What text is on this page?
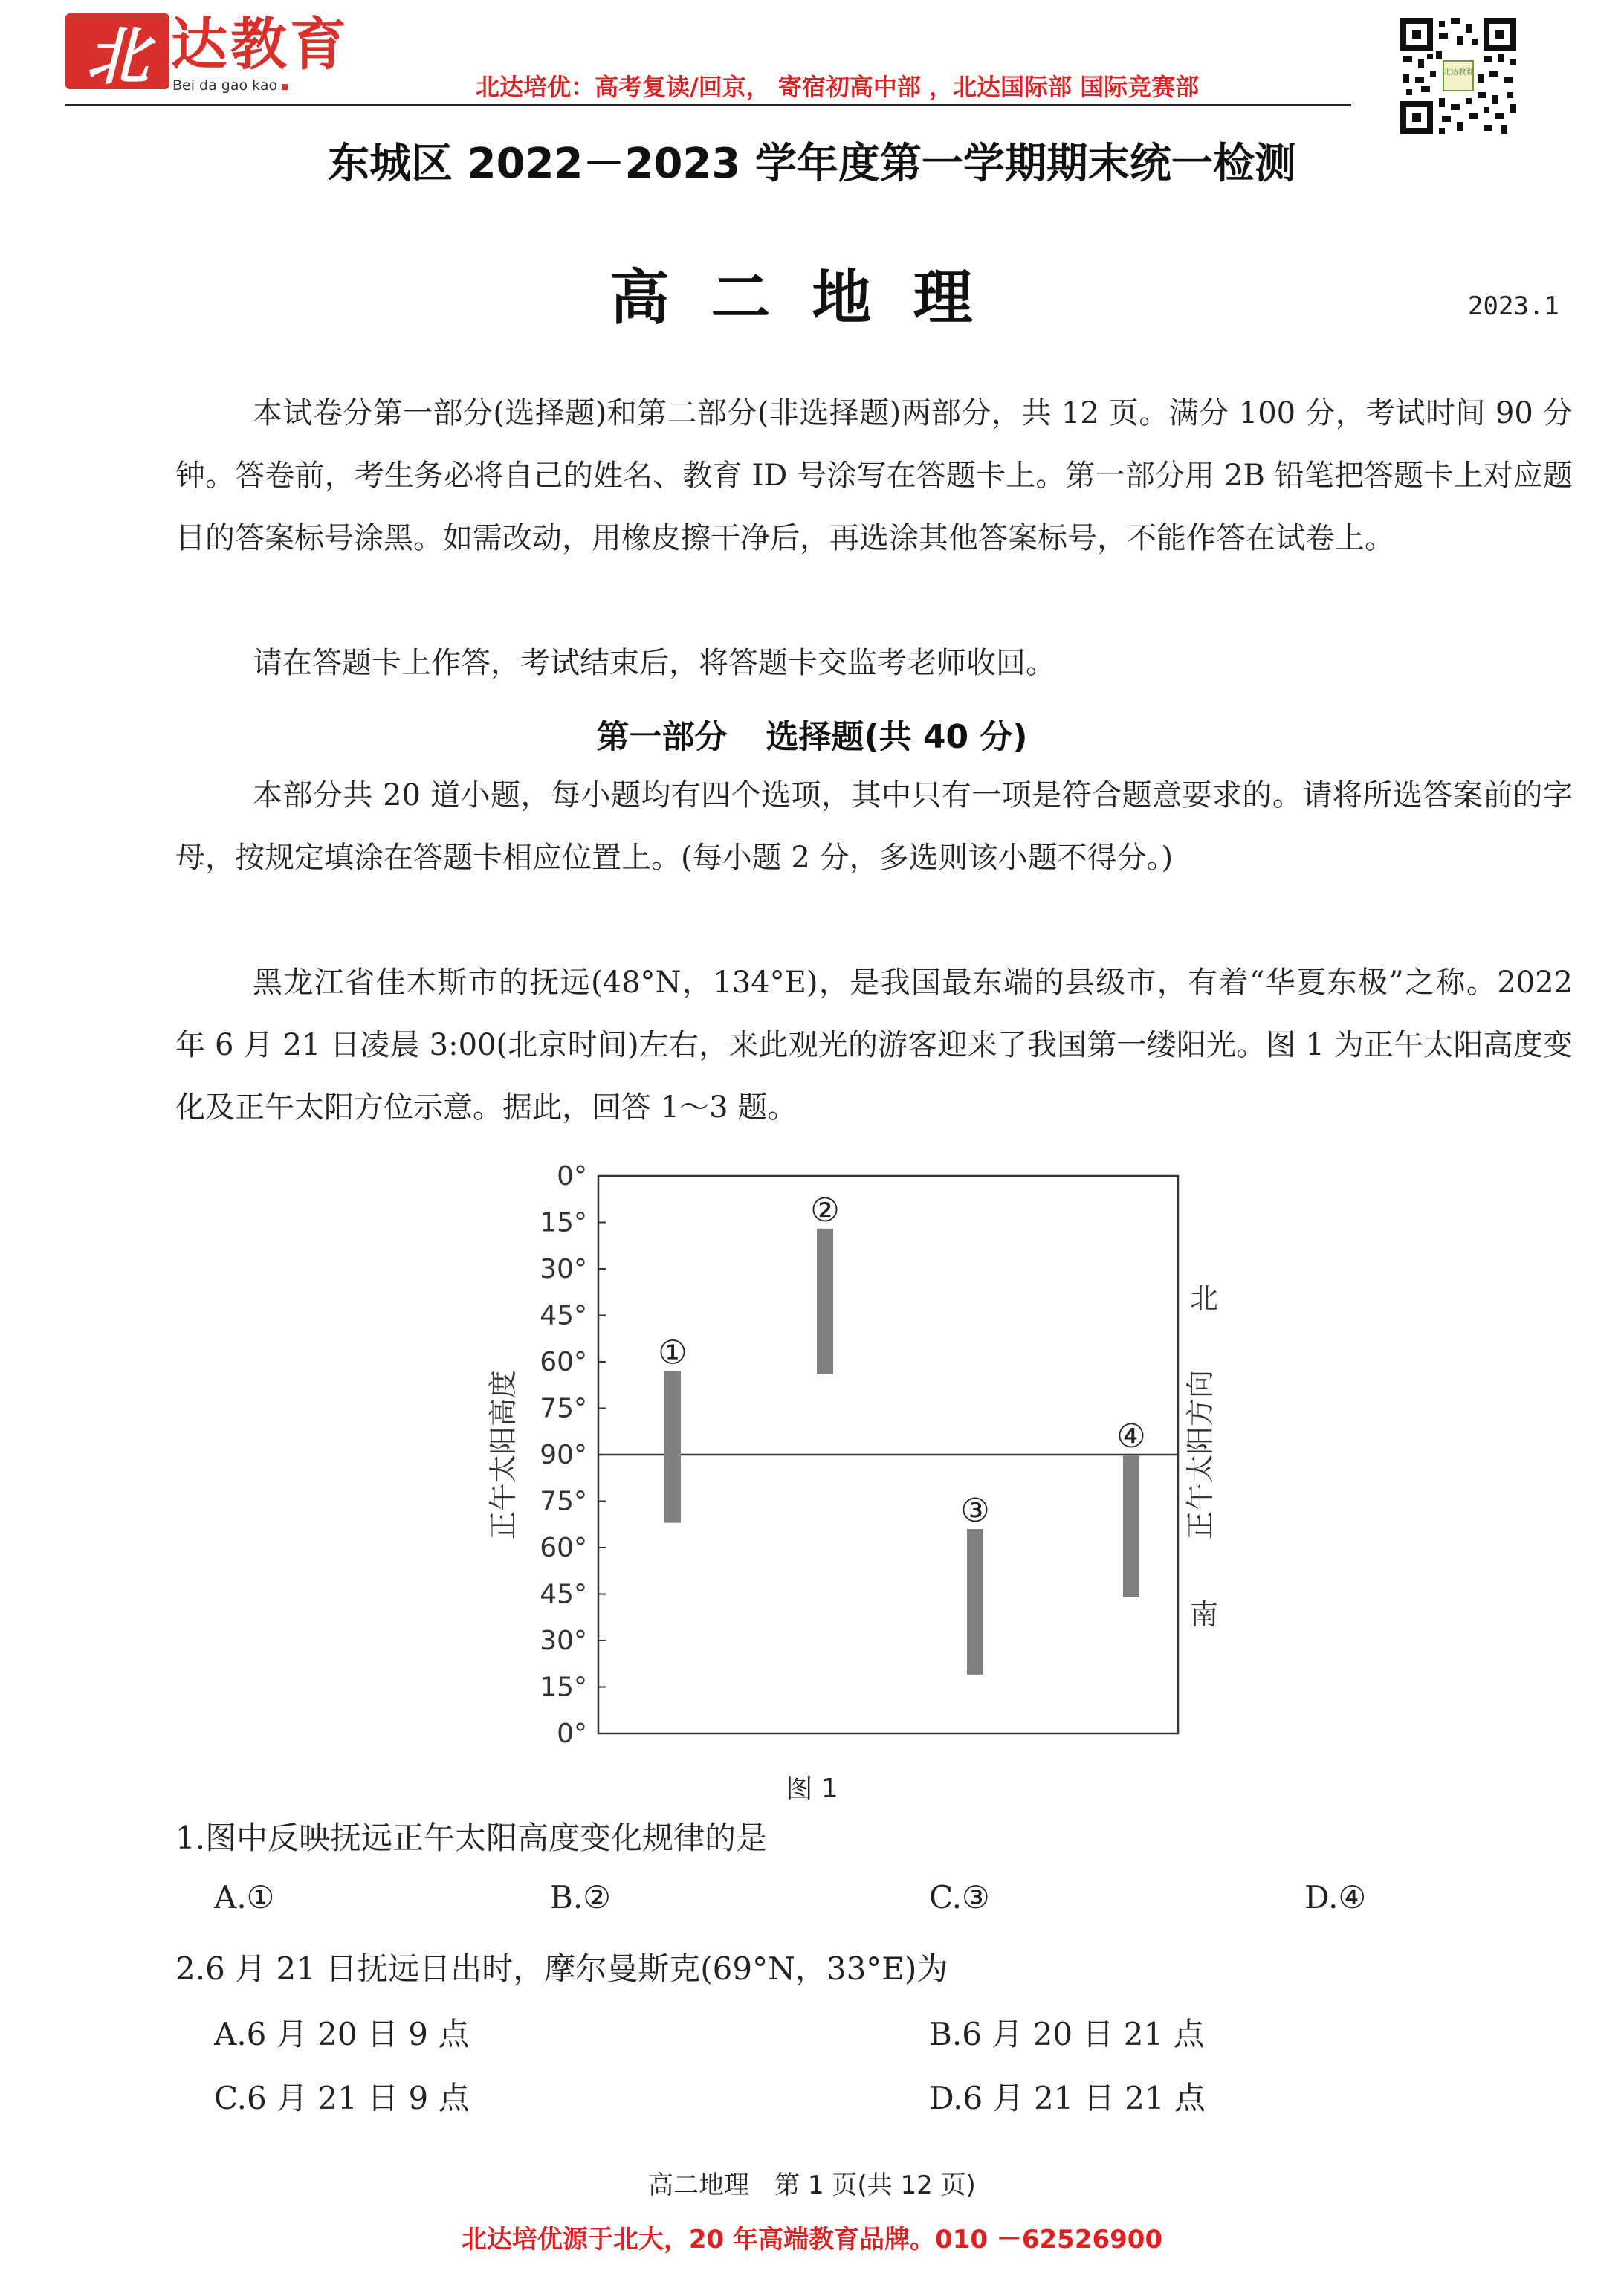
北 达教育
Bei da gao kao	北达培优：高考复读/回京， 寄宿初高中部 ，北达国际部 国际竞赛部
北达教育
东城区 2022－2023 学年度第一学期期末统一检测
高二地理	2023.1

本试卷分第一部分(选择题)和第二部分(非选择题)两部分，共 12 页。满分 100 分，考试时间 90 分钟。答卷前，考生务必将自己的姓名、教育 ID 号涂写在答题卡上。第一部分用 2B 铅笔把答题卡上对应题目的答案标号涂黑。如需改动，用橡皮擦干净后，再选涂其他答案标号，不能作答在试卷上。

请在答题卡上作答，考试结束后，将答题卡交监考老师收回。

第一部分 选择题(共 40 分)

本部分共 20 道小题，每小题均有四个选项，其中只有一项是符合题意要求的。请将所选答案前的字母，按规定填涂在答题卡相应位置上。(每小题 2 分，多选则该小题不得分。)

黑龙江省佳木斯市的抚远(48°N，134°E)，是我国最东端的县级市，有着“华夏东极”之称。2022 年 6 月 21 日凌晨 3:00(北京时间)左右，来此观光的游客迎来了我国第一缕阳光。图 1 为正午太阳高度变化及正午太阳方位示意。据此，回答 1～3 题。

0°
15°
30°
45°
60°
75°
90°
75°
60°
45°
30°
15°
0°
①
②
③
④
正午太阳高度	正午太阳方向
北
南
图 1
1.图中反映抚远正午太阳高度变化规律的是
A.①	B.②	C.③	D.④
2.6 月 21 日抚远日出时，摩尔曼斯克(69°N，33°E)为
A.6 月 20 日 9 点	B.6 月 20 日 21 点
C.6 月 21 日 9 点	D.6 月 21 日 21 点
高二地理　第 1 页(共 12 页)
北达培优源于北大，20 年高端教育品牌。010 －62526900
